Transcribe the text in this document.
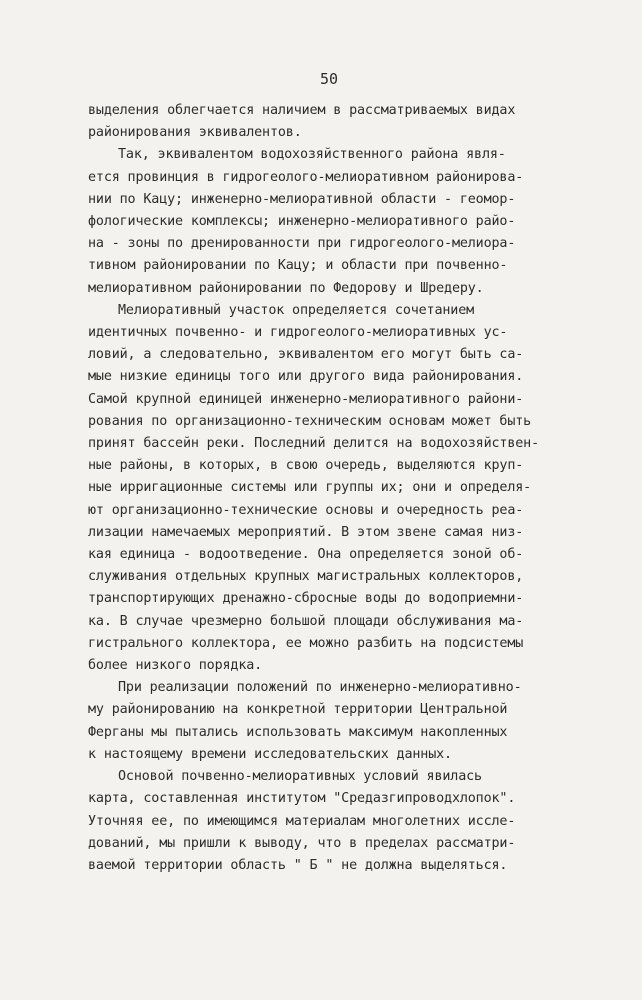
50
выделения облегчается наличием в рассматриваемых видах
районирования эквивалентов.
Так, эквивалентом водохозяйственного района явля-
ется провинция в гидрогеолого-мелиоративном районирова-
нии по Кацу; инженерно-мелиоративной области - геомор-
фологические комплексы; инженерно-мелиоративного райо-
на - зоны по дренированности при гидрогеолого-мелиора-
тивном районировании по Кацу; и области при почвенно-
мелиоративном районировании по Федорову и Шредеру.
Мелиоративный участок определяется сочетанием
идентичных почвенно- и гидрогеолого-мелиоративных ус-
ловий, а следовательно, эквивалентом его могут быть са-
мые низкие единицы того или другого вида районирования.
Самой крупной единицей инженерно-мелиоративного райони-
рования по организационно-техническим основам может быть
принят бассейн реки. Последний делится на водохозяйствен-
ные районы, в которых, в свою очередь, выделяются круп-
ные ирригационные системы или группы их; они и определя-
ют организационно-технические основы и очередность реа-
лизации намечаемых мероприятий. В этом звене самая низ-
кая единица - водоотведение. Она определяется зоной об-
служивания отдельных крупных магистральных коллекторов,
транспортирующих дренажно-сбросные воды до водоприемни-
ка. В случае чрезмерно большой площади обслуживания ма-
гистрального коллектора, ее можно разбить на подсистемы
более низкого порядка.
При реализации положений по инженерно-мелиоративно-
му районированию на конкретной территории Центральной
Ферганы мы пытались использовать максимум накопленных
к настоящему времени исследовательских данных.
Основой почвенно-мелиоративных условий явилась
карта, составленная институтом "Средазгипроводхлопок".
Уточняя ее, по имеющимся материалам многолетних иссле-
дований, мы пришли к выводу, что в пределах рассматри-
ваемой территории область " Б " не должна выделяться.
